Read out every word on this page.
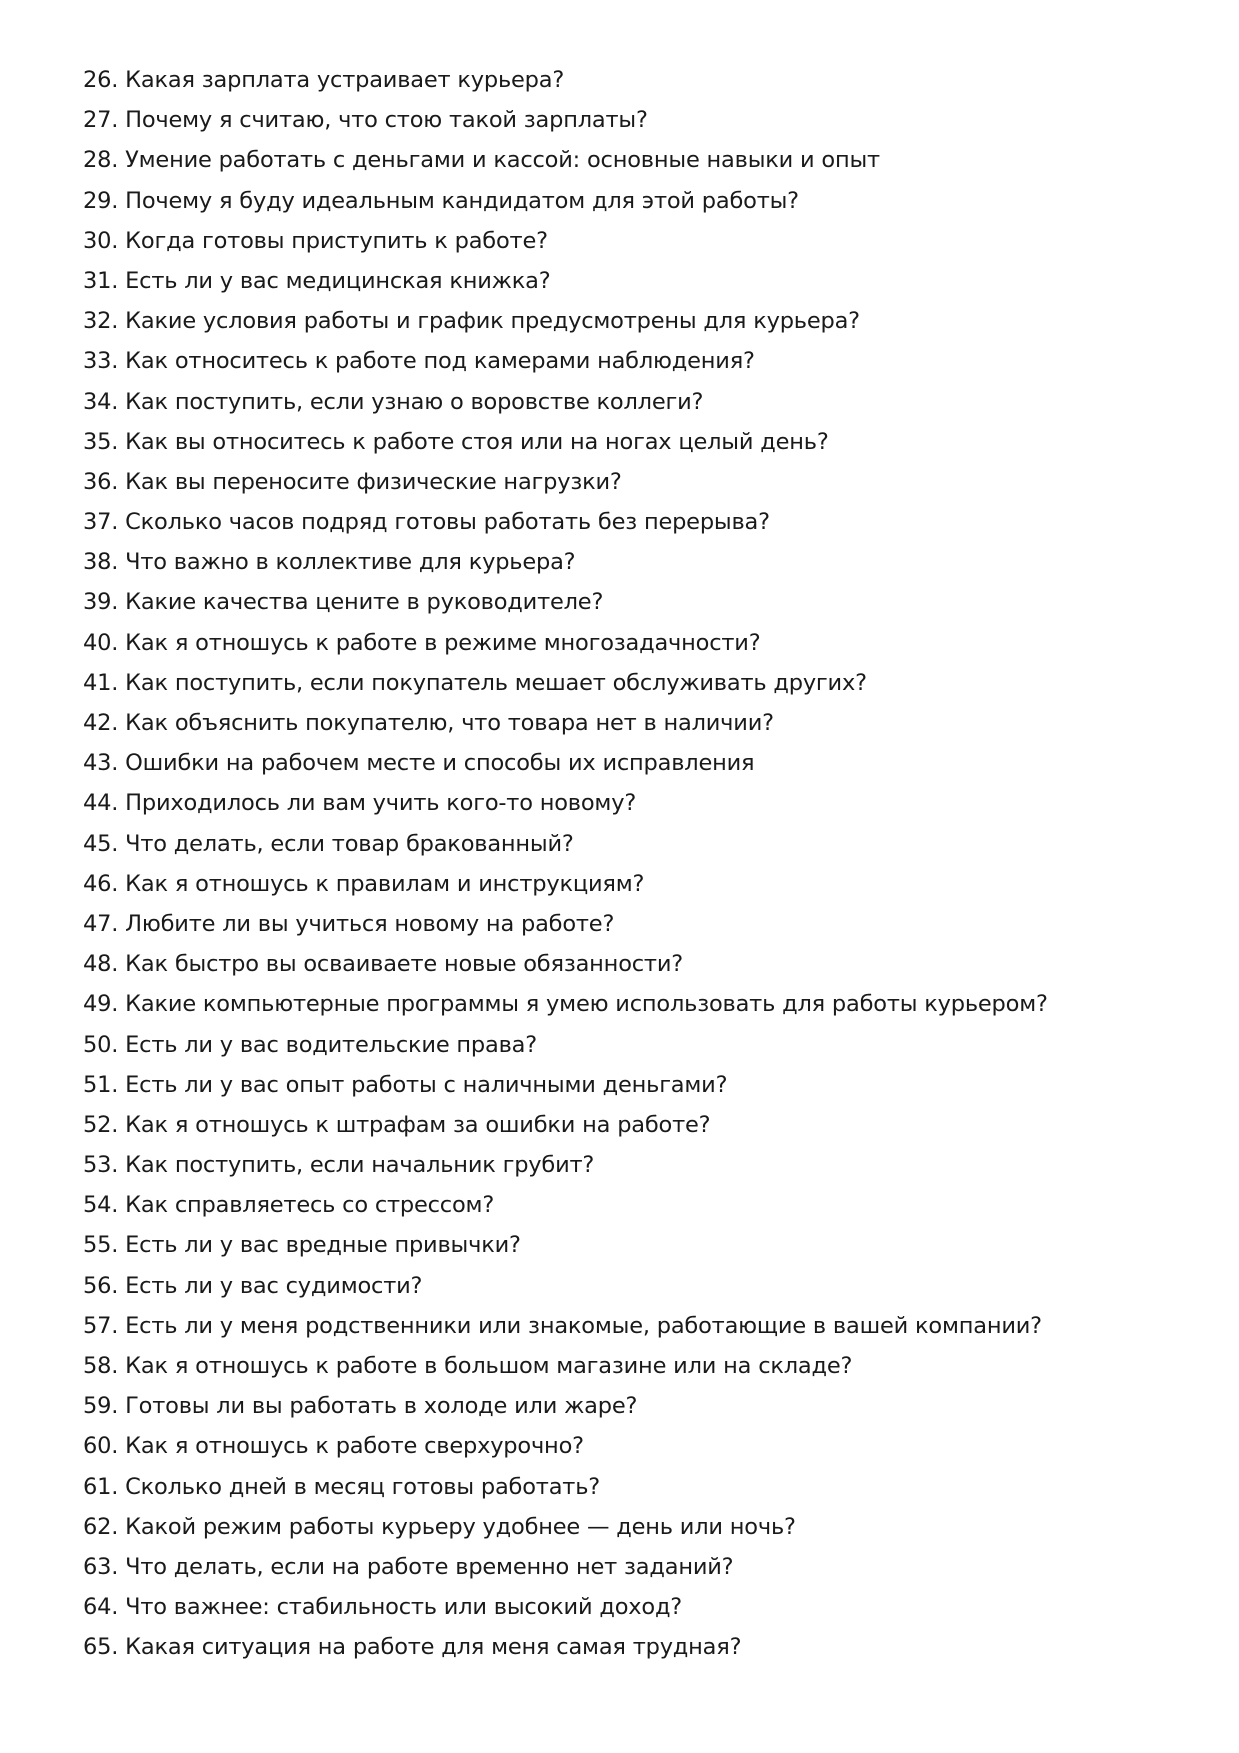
26. Какая зарплата устраивает курьера?
27. Почему я считаю, что стою такой зарплаты?
28. Умение работать с деньгами и кассой: основные навыки и опыт
29. Почему я буду идеальным кандидатом для этой работы?
30. Когда готовы приступить к работе?
31. Есть ли у вас медицинская книжка?
32. Какие условия работы и график предусмотрены для курьера?
33. Как относитесь к работе под камерами наблюдения?
34. Как поступить, если узнаю о воровстве коллеги?
35. Как вы относитесь к работе стоя или на ногах целый день?
36. Как вы переносите физические нагрузки?
37. Сколько часов подряд готовы работать без перерыва?
38. Что важно в коллективе для курьера?
39. Какие качества цените в руководителе?
40. Как я отношусь к работе в режиме многозадачности?
41. Как поступить, если покупатель мешает обслуживать других?
42. Как объяснить покупателю, что товара нет в наличии?
43. Ошибки на рабочем месте и способы их исправления
44. Приходилось ли вам учить кого-то новому?
45. Что делать, если товар бракованный?
46. Как я отношусь к правилам и инструкциям?
47. Любите ли вы учиться новому на работе?
48. Как быстро вы осваиваете новые обязанности?
49. Какие компьютерные программы я умею использовать для работы курьером?
50. Есть ли у вас водительские права?
51. Есть ли у вас опыт работы с наличными деньгами?
52. Как я отношусь к штрафам за ошибки на работе?
53. Как поступить, если начальник грубит?
54. Как справляетесь со стрессом?
55. Есть ли у вас вредные привычки?
56. Есть ли у вас судимости?
57. Есть ли у меня родственники или знакомые, работающие в вашей компании?
58. Как я отношусь к работе в большом магазине или на складе?
59. Готовы ли вы работать в холоде или жаре?
60. Как я отношусь к работе сверхурочно?
61. Сколько дней в месяц готовы работать?
62. Какой режим работы курьеру удобнее — день или ночь?
63. Что делать, если на работе временно нет заданий?
64. Что важнее: стабильность или высокий доход?
65. Какая ситуация на работе для меня самая трудная?
